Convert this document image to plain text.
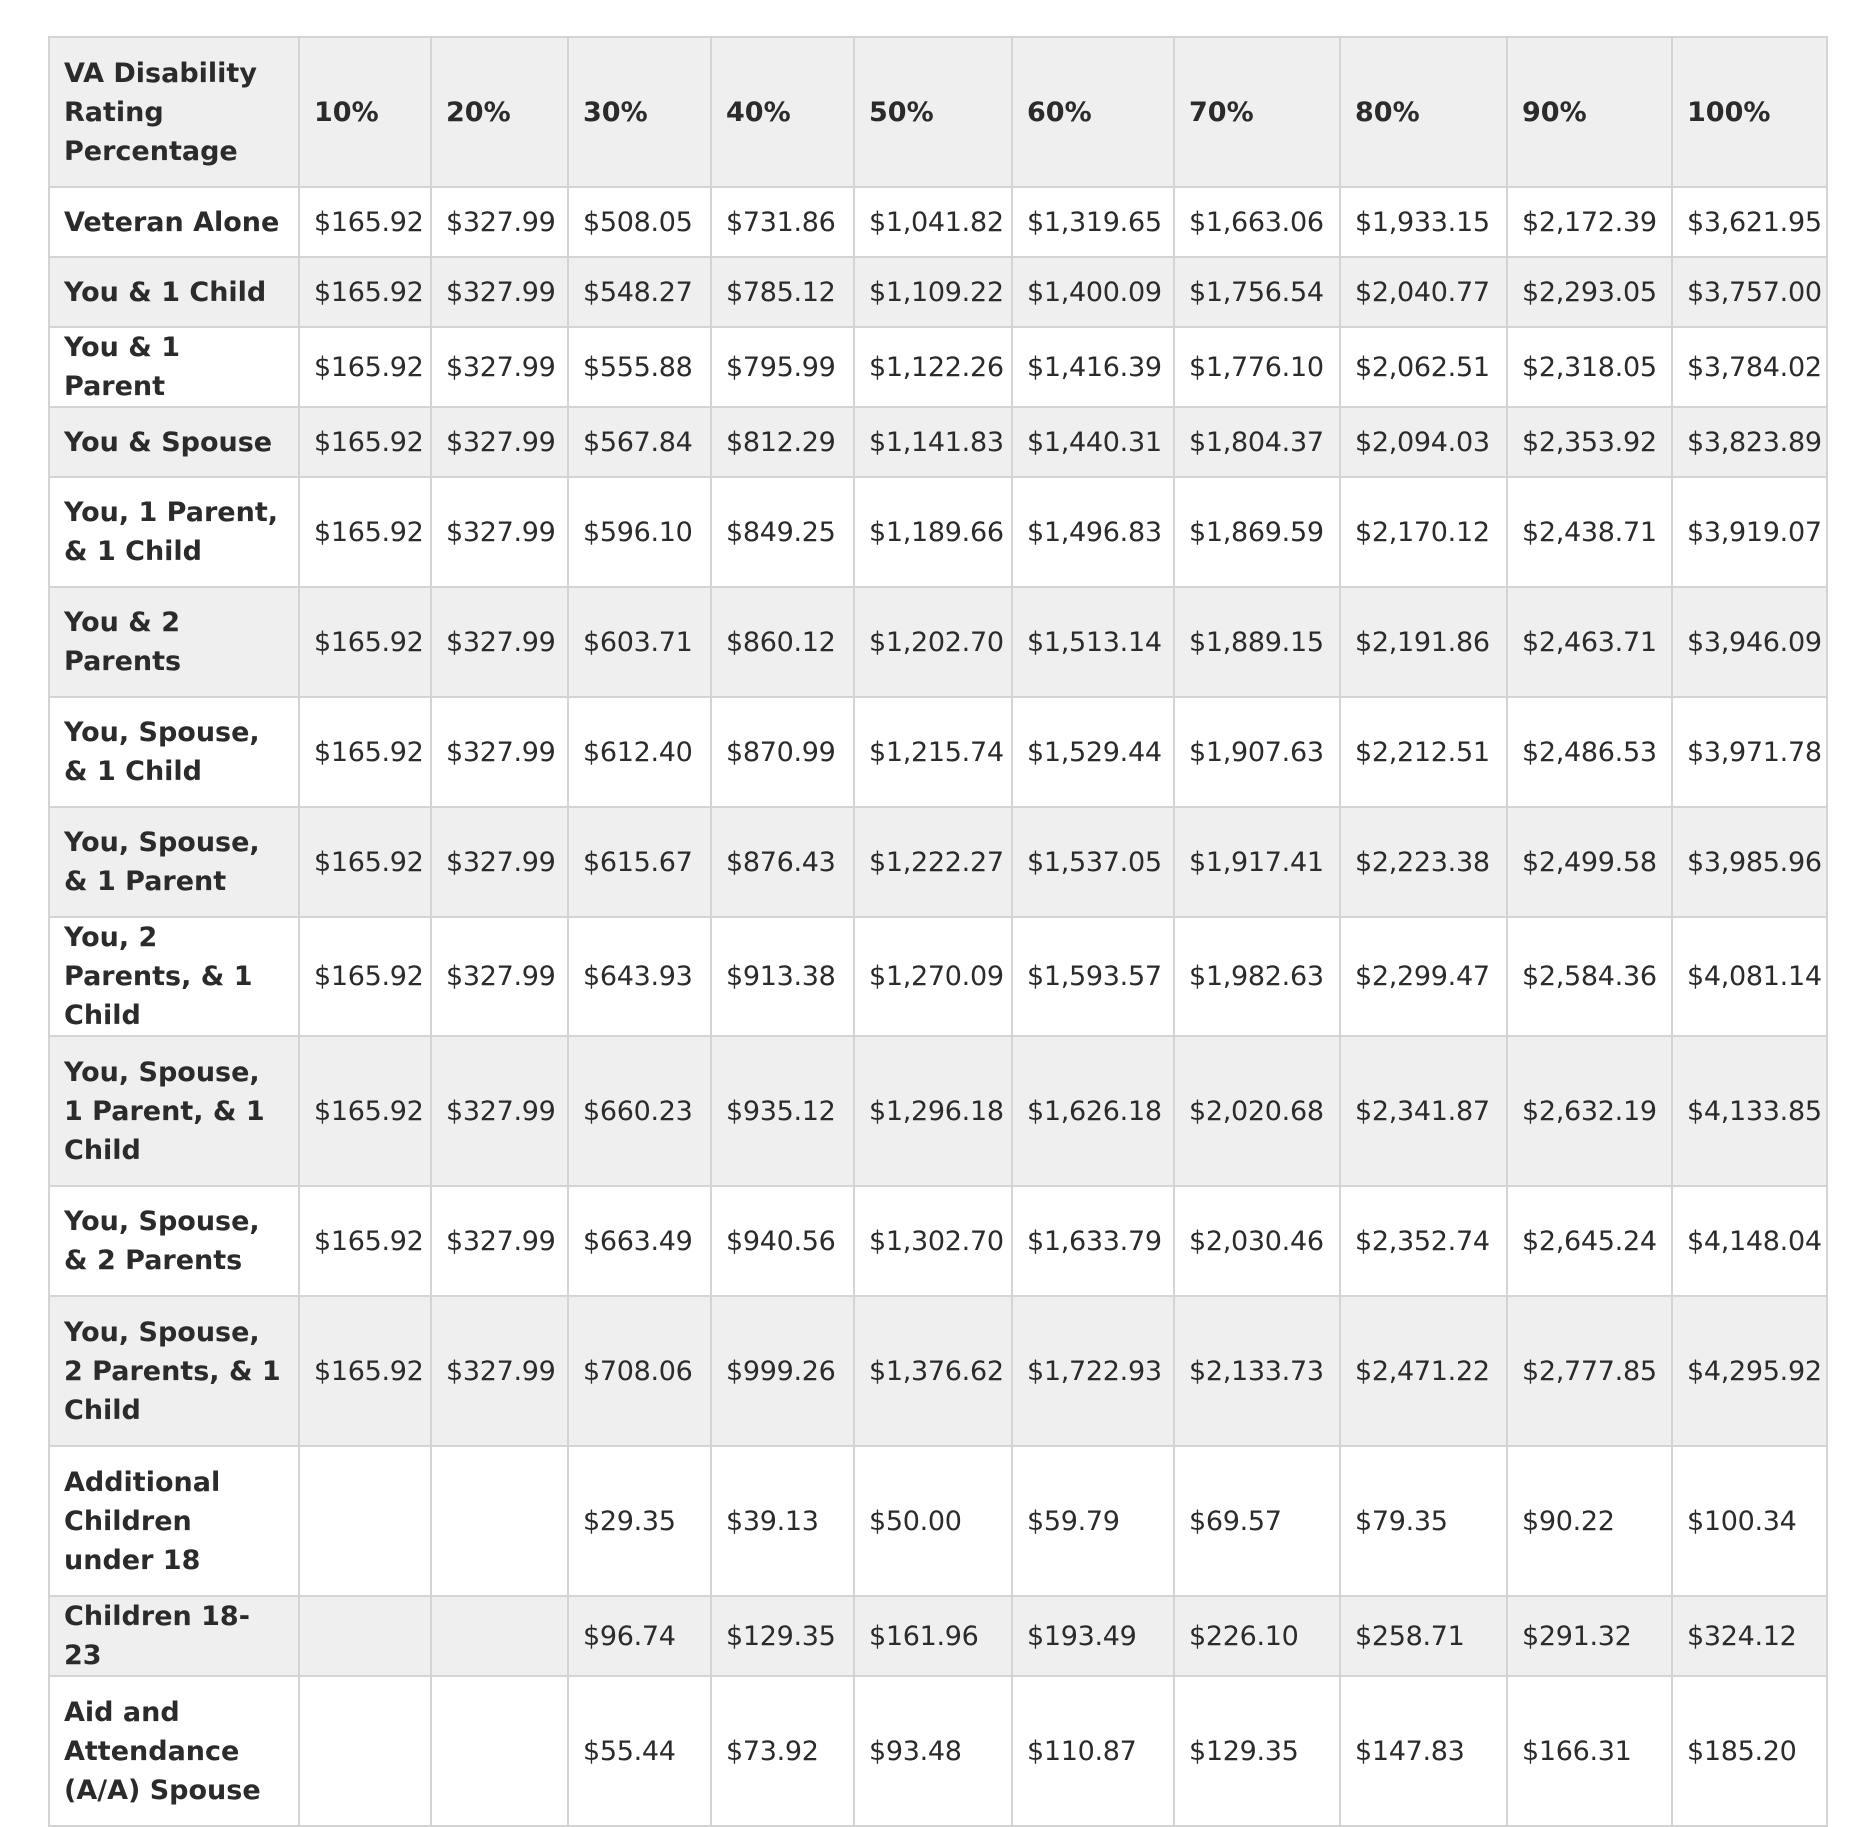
VA Disability Rating Percentage	10%	20%	30%	40%	50%	60%	70%	80%	90%	100%
Veteran Alone	$165.92	$327.99	$508.05	$731.86	$1,041.82	$1,319.65	$1,663.06	$1,933.15	$2,172.39	$3,621.95
You & 1 Child	$165.92	$327.99	$548.27	$785.12	$1,109.22	$1,400.09	$1,756.54	$2,040.77	$2,293.05	$3,757.00
You & 1 Parent	$165.92	$327.99	$555.88	$795.99	$1,122.26	$1,416.39	$1,776.10	$2,062.51	$2,318.05	$3,784.02
You & Spouse	$165.92	$327.99	$567.84	$812.29	$1,141.83	$1,440.31	$1,804.37	$2,094.03	$2,353.92	$3,823.89
You, 1 Parent, & 1 Child	$165.92	$327.99	$596.10	$849.25	$1,189.66	$1,496.83	$1,869.59	$2,170.12	$2,438.71	$3,919.07
You & 2 Parents	$165.92	$327.99	$603.71	$860.12	$1,202.70	$1,513.14	$1,889.15	$2,191.86	$2,463.71	$3,946.09
You, Spouse, & 1 Child	$165.92	$327.99	$612.40	$870.99	$1,215.74	$1,529.44	$1,907.63	$2,212.51	$2,486.53	$3,971.78
You, Spouse, & 1 Parent	$165.92	$327.99	$615.67	$876.43	$1,222.27	$1,537.05	$1,917.41	$2,223.38	$2,499.58	$3,985.96
You, 2 Parents, & 1 Child	$165.92	$327.99	$643.93	$913.38	$1,270.09	$1,593.57	$1,982.63	$2,299.47	$2,584.36	$4,081.14
You, Spouse, 1 Parent, & 1 Child	$165.92	$327.99	$660.23	$935.12	$1,296.18	$1,626.18	$2,020.68	$2,341.87	$2,632.19	$4,133.85
You, Spouse, & 2 Parents	$165.92	$327.99	$663.49	$940.56	$1,302.70	$1,633.79	$2,030.46	$2,352.74	$2,645.24	$4,148.04
You, Spouse, 2 Parents, & 1 Child	$165.92	$327.99	$708.06	$999.26	$1,376.62	$1,722.93	$2,133.73	$2,471.22	$2,777.85	$4,295.92
Additional Children under 18			$29.35	$39.13	$50.00	$59.79	$69.57	$79.35	$90.22	$100.34
Children 18-23			$96.74	$129.35	$161.96	$193.49	$226.10	$258.71	$291.32	$324.12
Aid and Attendance (A/A) Spouse			$55.44	$73.92	$93.48	$110.87	$129.35	$147.83	$166.31	$185.20
